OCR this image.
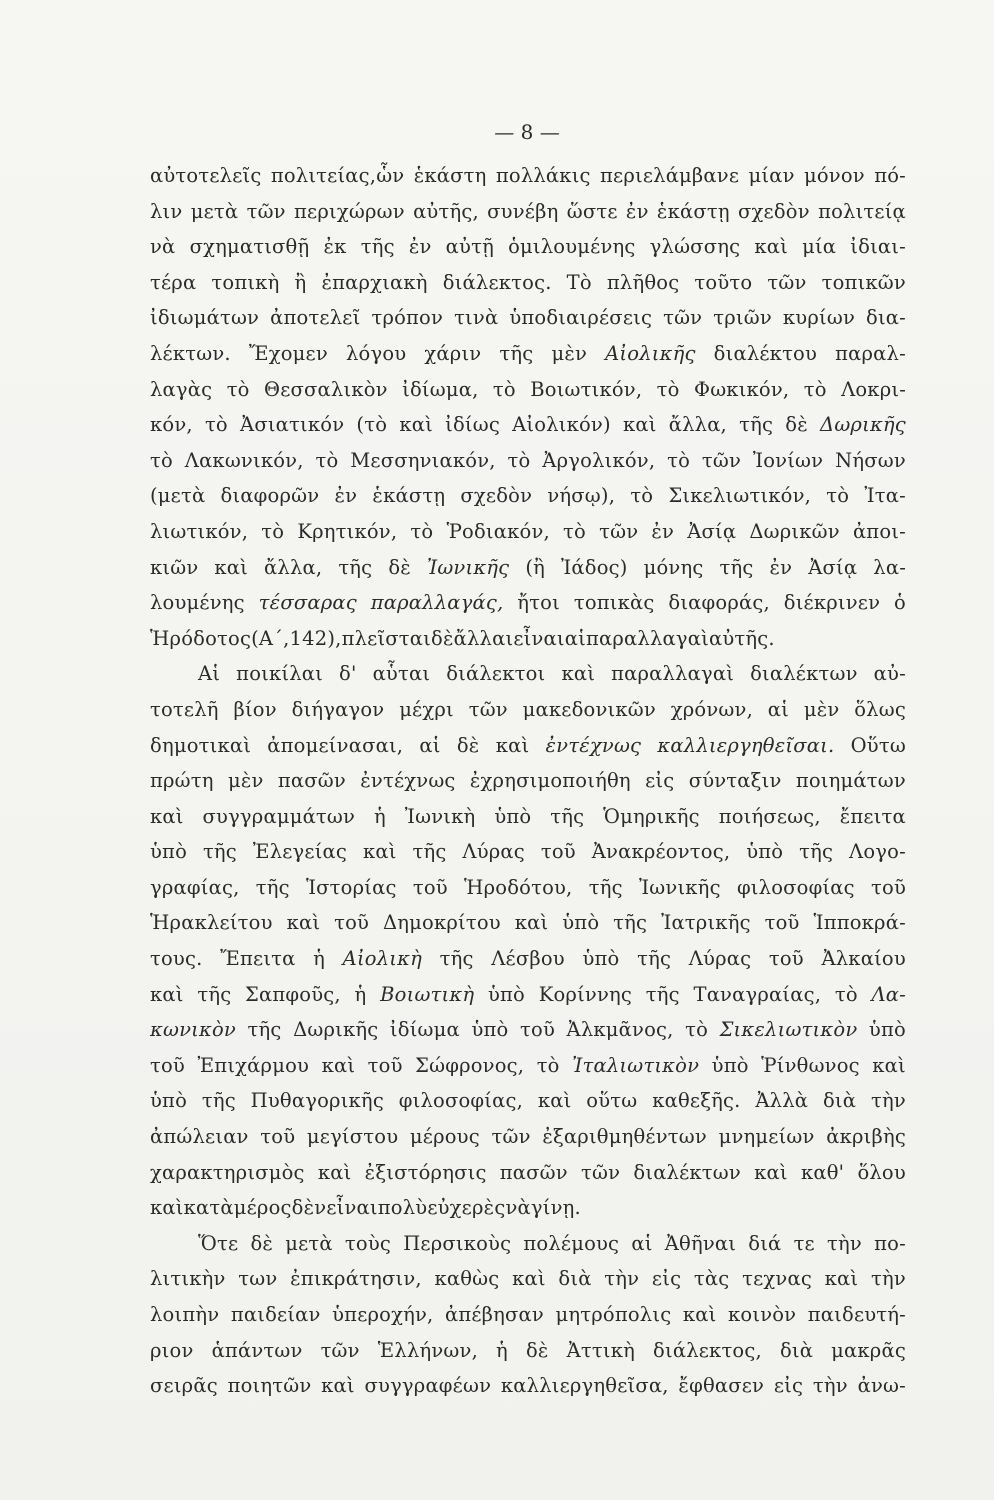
— 8 —
αὐτοτελεῖς πολιτείας,ὧν ἑκάστη πολλάκις περιελάμβανε μίαν μόνον πό-
λιν μετὰ τῶν περιχώρων αὐτῆς, συνέβη ὥστε ἐν ἑκάστῃ σχεδὸν πολιτείᾳ
νὰ σχηματισθῇ ἐκ τῆς ἐν αὐτῇ ὁμιλουμένης γλώσσης καὶ μία ἰδιαι-
τέρα τοπικὴ ἢ ἐπαρχιακὴ διάλεκτος. Τὸ πλῆθος τοῦτο τῶν τοπικῶν
ἰδιωμάτων ἀποτελεῖ τρόπον τινὰ ὑποδιαιρέσεις τῶν τριῶν κυρίων δια-
λέκτων. Ἔχομεν λόγου χάριν τῆς μὲν Αἰολικῆς διαλέκτου παραλ-
λαγὰς τὸ Θεσσαλικὸν ἰδίωμα, τὸ Βοιωτικόν, τὸ Φωκικόν, τὸ Λοκρι-
κόν, τὸ Ἀσιατικόν (τὸ καὶ ἰδίως Αἰολικόν) καὶ ἄλλα, τῆς δὲ Δωρικῆς
τὸ Λακωνικόν, τὸ Μεσσηνιακόν, τὸ Ἀργολικόν, τὸ τῶν Ἰονίων Νήσων
(μετὰ διαφορῶν ἐν ἑκάστῃ σχεδὸν νήσῳ), τὸ Σικελιωτικόν, τὸ Ἰτα-
λιωτικόν, τὸ Κρητικόν, τὸ Ῥοδιακόν, τὸ τῶν ἐν Ἀσίᾳ Δωρικῶν ἀποι-
κιῶν καὶ ἄλλα, τῆς δὲ Ἰωνικῆς (ἢ Ἰάδος) μόνης τῆς ἐν Ἀσίᾳ λα-
λουμένης τέσσαρας παραλλαγάς, ἤτοι τοπικὰς διαφοράς, διέκρινεν ὁ
Ἡρόδοτος (Α΄, 142), πλεῖσται δὲ ἄλλαι εἶναι αἱ παραλλαγαὶ αὐτῆς.
Αἱ ποικίλαι δ' αὗται διάλεκτοι καὶ παραλλαγαὶ διαλέκτων αὐ-
τοτελῆ βίον διήγαγον μέχρι τῶν μακεδονικῶν χρόνων, αἱ μὲν ὅλως
δημοτικαὶ ἀπομείνασαι, αἱ δὲ καὶ ἐντέχνως καλλιεργηθεῖσαι. Οὕτω
πρώτη μὲν πασῶν ἐντέχνως ἐχρησιμοποιήθη εἰς σύνταξιν ποιημάτων
καὶ συγγραμμάτων ἡ Ἰωνικὴ ὑπὸ τῆς Ὁμηρικῆς ποιήσεως, ἔπειτα
ὑπὸ τῆς Ἐλεγείας καὶ τῆς Λύρας τοῦ Ἀνακρέοντος, ὑπὸ τῆς Λογο-
γραφίας, τῆς Ἱστορίας τοῦ Ἡροδότου, τῆς Ἰωνικῆς φιλοσοφίας τοῦ
Ἡρακλείτου καὶ τοῦ Δημοκρίτου καὶ ὑπὸ τῆς Ἰατρικῆς τοῦ Ἱπποκρά-
τους. Ἔπειτα ἡ Αἰολικὴ τῆς Λέσβου ὑπὸ τῆς Λύρας τοῦ Ἀλκαίου
καὶ τῆς Σαπφοῦς, ἡ Βοιωτικὴ ὑπὸ Κορίννης τῆς Ταναγραίας, τὸ Λα-
κωνικὸν τῆς Δωρικῆς ἰδίωμα ὑπὸ τοῦ Ἀλκμᾶνος, τὸ Σικελιωτικὸν ὑπὸ
τοῦ Ἐπιχάρμου καὶ τοῦ Σώφρονος, τὸ Ἰταλιωτικὸν ὑπὸ Ῥίνθωνος καὶ
ὑπὸ τῆς Πυθαγορικῆς φιλοσοφίας, καὶ οὕτω καθεξῆς. Ἀλλὰ διὰ τὴν
ἀπώλειαν τοῦ μεγίστου μέρους τῶν ἐξαριθμηθέντων μνημείων ἀκριβὴς
χαρακτηρισμὸς καὶ ἐξιστόρησις πασῶν τῶν διαλέκτων καὶ καθ' ὅλου
καὶ κατὰ μέρος δὲν εἶναι πολὺ εὐχερὲς νὰ γίνῃ.
Ὅτε δὲ μετὰ τοὺς Περσικοὺς πολέμους αἱ Ἀθῆναι διά τε τὴν πο-
λιτικὴν των ἐπικράτησιν, καθὼς καὶ διὰ τὴν εἰς τὰς τεχνας καὶ τὴν
λοιπὴν παιδείαν ὑπεροχήν, ἀπέβησαν μητρόπολις καὶ κοινὸν παιδευτή-
ριον ἁπάντων τῶν Ἑλλήνων, ἡ δὲ Ἀττικὴ διάλεκτος, διὰ μακρᾶς
σειρᾶς ποιητῶν καὶ συγγραφέων καλλιεργηθεῖσα, ἔφθασεν εἰς τὴν ἀνω-
